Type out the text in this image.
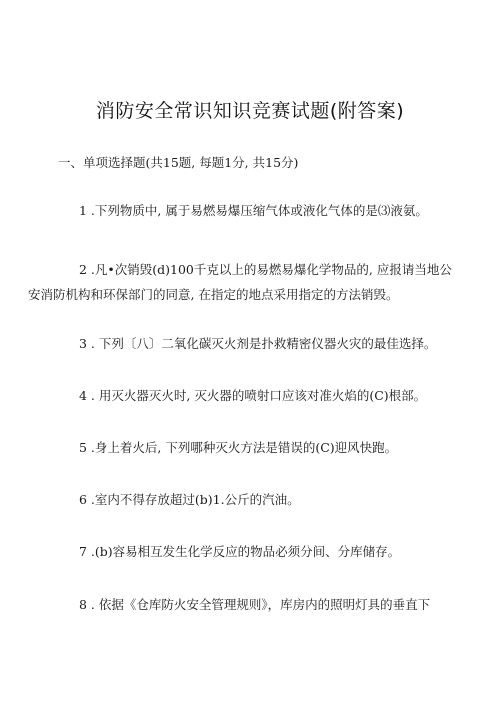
消防安全常识知识竞赛试题(附答案)
一、单项选择题(共15题, 每题1分, 共15分)
1 .下列物质中, 属于易燃易爆压缩气体或液化气体的是⑶液氨。
2 .凡•次销毁(d)100千克以上的易燃易爆化学物品的, 应报请当地公
安消防机构和环保部门的同意, 在指定的地点采用指定的方法销毁。
3 . 下列〔八〕二氧化碳灭火剂是扑救精密仪器火灾的最佳选择。
4 . 用灭火器灭火时, 灭火器的喷射口应该对准火焰的(C)根部。
5 .身上着火后, 下列哪种灭火方法是错误的(C)迎风快跑。
6 .室内不得存放超过(b)1.公斤的汽油。
7 .(b)容易相互发生化学反应的物品必须分间、分库储存。
8 . 依据《仓库防火安全管理规则》，库房内的照明灯具的垂直下
